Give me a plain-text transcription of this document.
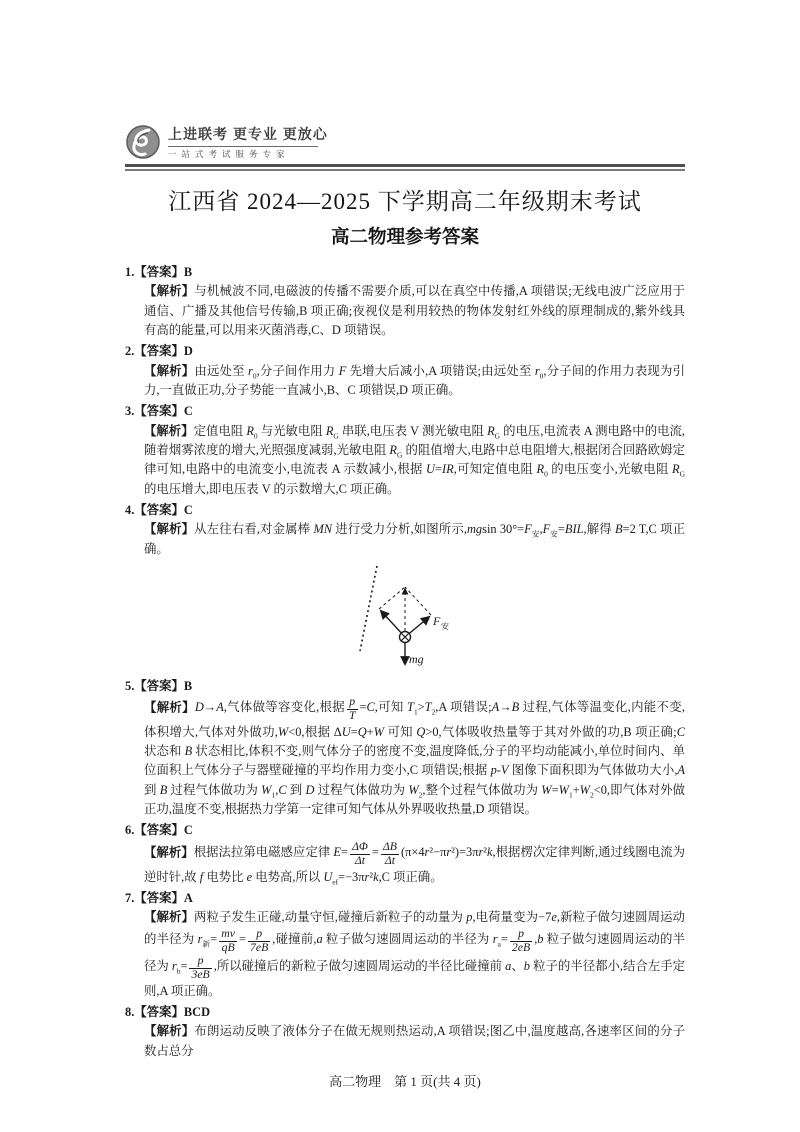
上进联考 更专业 更放心
一站式考试服务专家
江西省 2024—2025 下学期高二年级期末考试
高二物理参考答案

1.【答案】B

【解析】与机械波不同,电磁波的传播不需要介质,可以在真空中传播,A 项错误;无线电波广泛应用于通信、广播及其他信号传输,B 项正确;夜视仪是利用较热的物体发射红外线的原理制成的,紫外线具有高的能量,可以用来灭菌消毒,C、D 项错误。

2.【答案】D

【解析】由远处至 $r_0$,分子间作用力 F 先增大后减小,A 项错误;由远处至 $r_0$,分子间的作用力表现为引力,一直做正功,分子势能一直减小,B、C 项错误,D 项正确。

3.【答案】C

【解析】定值电阻 $R_0$ 与光敏电阻 $R_G$ 串联,电压表 V 测光敏电阻 $R_G$ 的电压,电流表 A 测电路中的电流,随着烟雾浓度的增大,光照强度减弱,光敏电阻 $R_G$ 的阻值增大,电路中总电阻增大,根据闭合回路欧姆定律可知,电路中的电流变小,电流表 A 示数减小,根据 U=IR,可知定值电阻 $R_0$ 的电压变小,光敏电阻 $R_G$ 的电压增大,即电压表 V 的示数增大,C 项正确。

4.【答案】C

【解析】从左往右看,对金属棒 MN 进行受力分析,如图所示,mgsin $30^\circ=F_安,F_安=BIL$,解得 B=2 T,C 项正确。

F 安
mg

5.【答案】B

【解析】D→A,气体做等容变化,根据 $\frac{p}{T} =C$,可知 $T_1>T_2,A$ 项错误;A→B 过程,气体等温变化,内能不变,体积增大,气体对外做功,W<0,根据 ΔU=Q+W 可知 Q>0,气体吸收热量等于其对外做的功,B 项正确;C 状态和 B 状态相比,体积不变,则气体分子的密度不变,温度降低,分子的平均动能减小,单位时间内、单位面积上气体分子与器壁碰撞的平均作用力变小,C 项错误;根据 p-V 图像下面积即为气体做功大小,A 到 B 过程气体做功为 $W_1,C$ 到 D 过程气体做功为 $W_2$,整个过程气体做功为 $W=W_1+W_2<0$,即气体对外做正功,温度不变,根据热力学第一定律可知气体从外界吸收热量,D 项错误。

6.【答案】C

【解析】根据法拉第电磁感应定律 $E= \frac{\Delta\Phi}{\Delta t} = \frac{\Delta B}{\Delta t} (\pi\times 4r^2-\pi r^2)=3\pi r^2k$,根据楞次定律判断,通过线圈电流为逆时针,故 f 电势比 e 电势高,所以 $U_{ef}=-3\pi r^2k,C$ 项正确。

7.【答案】A

【解析】两粒子发生正碰,动量守恒,碰撞后新粒子的动量为 p,电荷量变为−7e,新粒子做匀速圆周运动的半径为 $r_新= \frac{mv}{qB} = \frac{p}{7eB}$ ,碰撞前,a 粒子做匀速圆周运动的半径为 $r_a= \frac{p}{2eB} ,b$ 粒子做匀速圆周运动的半径为 $r_b= \frac{p}{3eB}$ ,所以碰撞后的新粒子做匀速圆周运动的半径比碰撞前 a、b 粒子的半径都小,结合左手定则,A 项正确。

8.【答案】BCD

【解析】布朗运动反映了液体分子在做无规则热运动,A 项错误;图乙中,温度越高,各速率区间的分子数占总分

高二物理　第 1 页(共 4 页)
